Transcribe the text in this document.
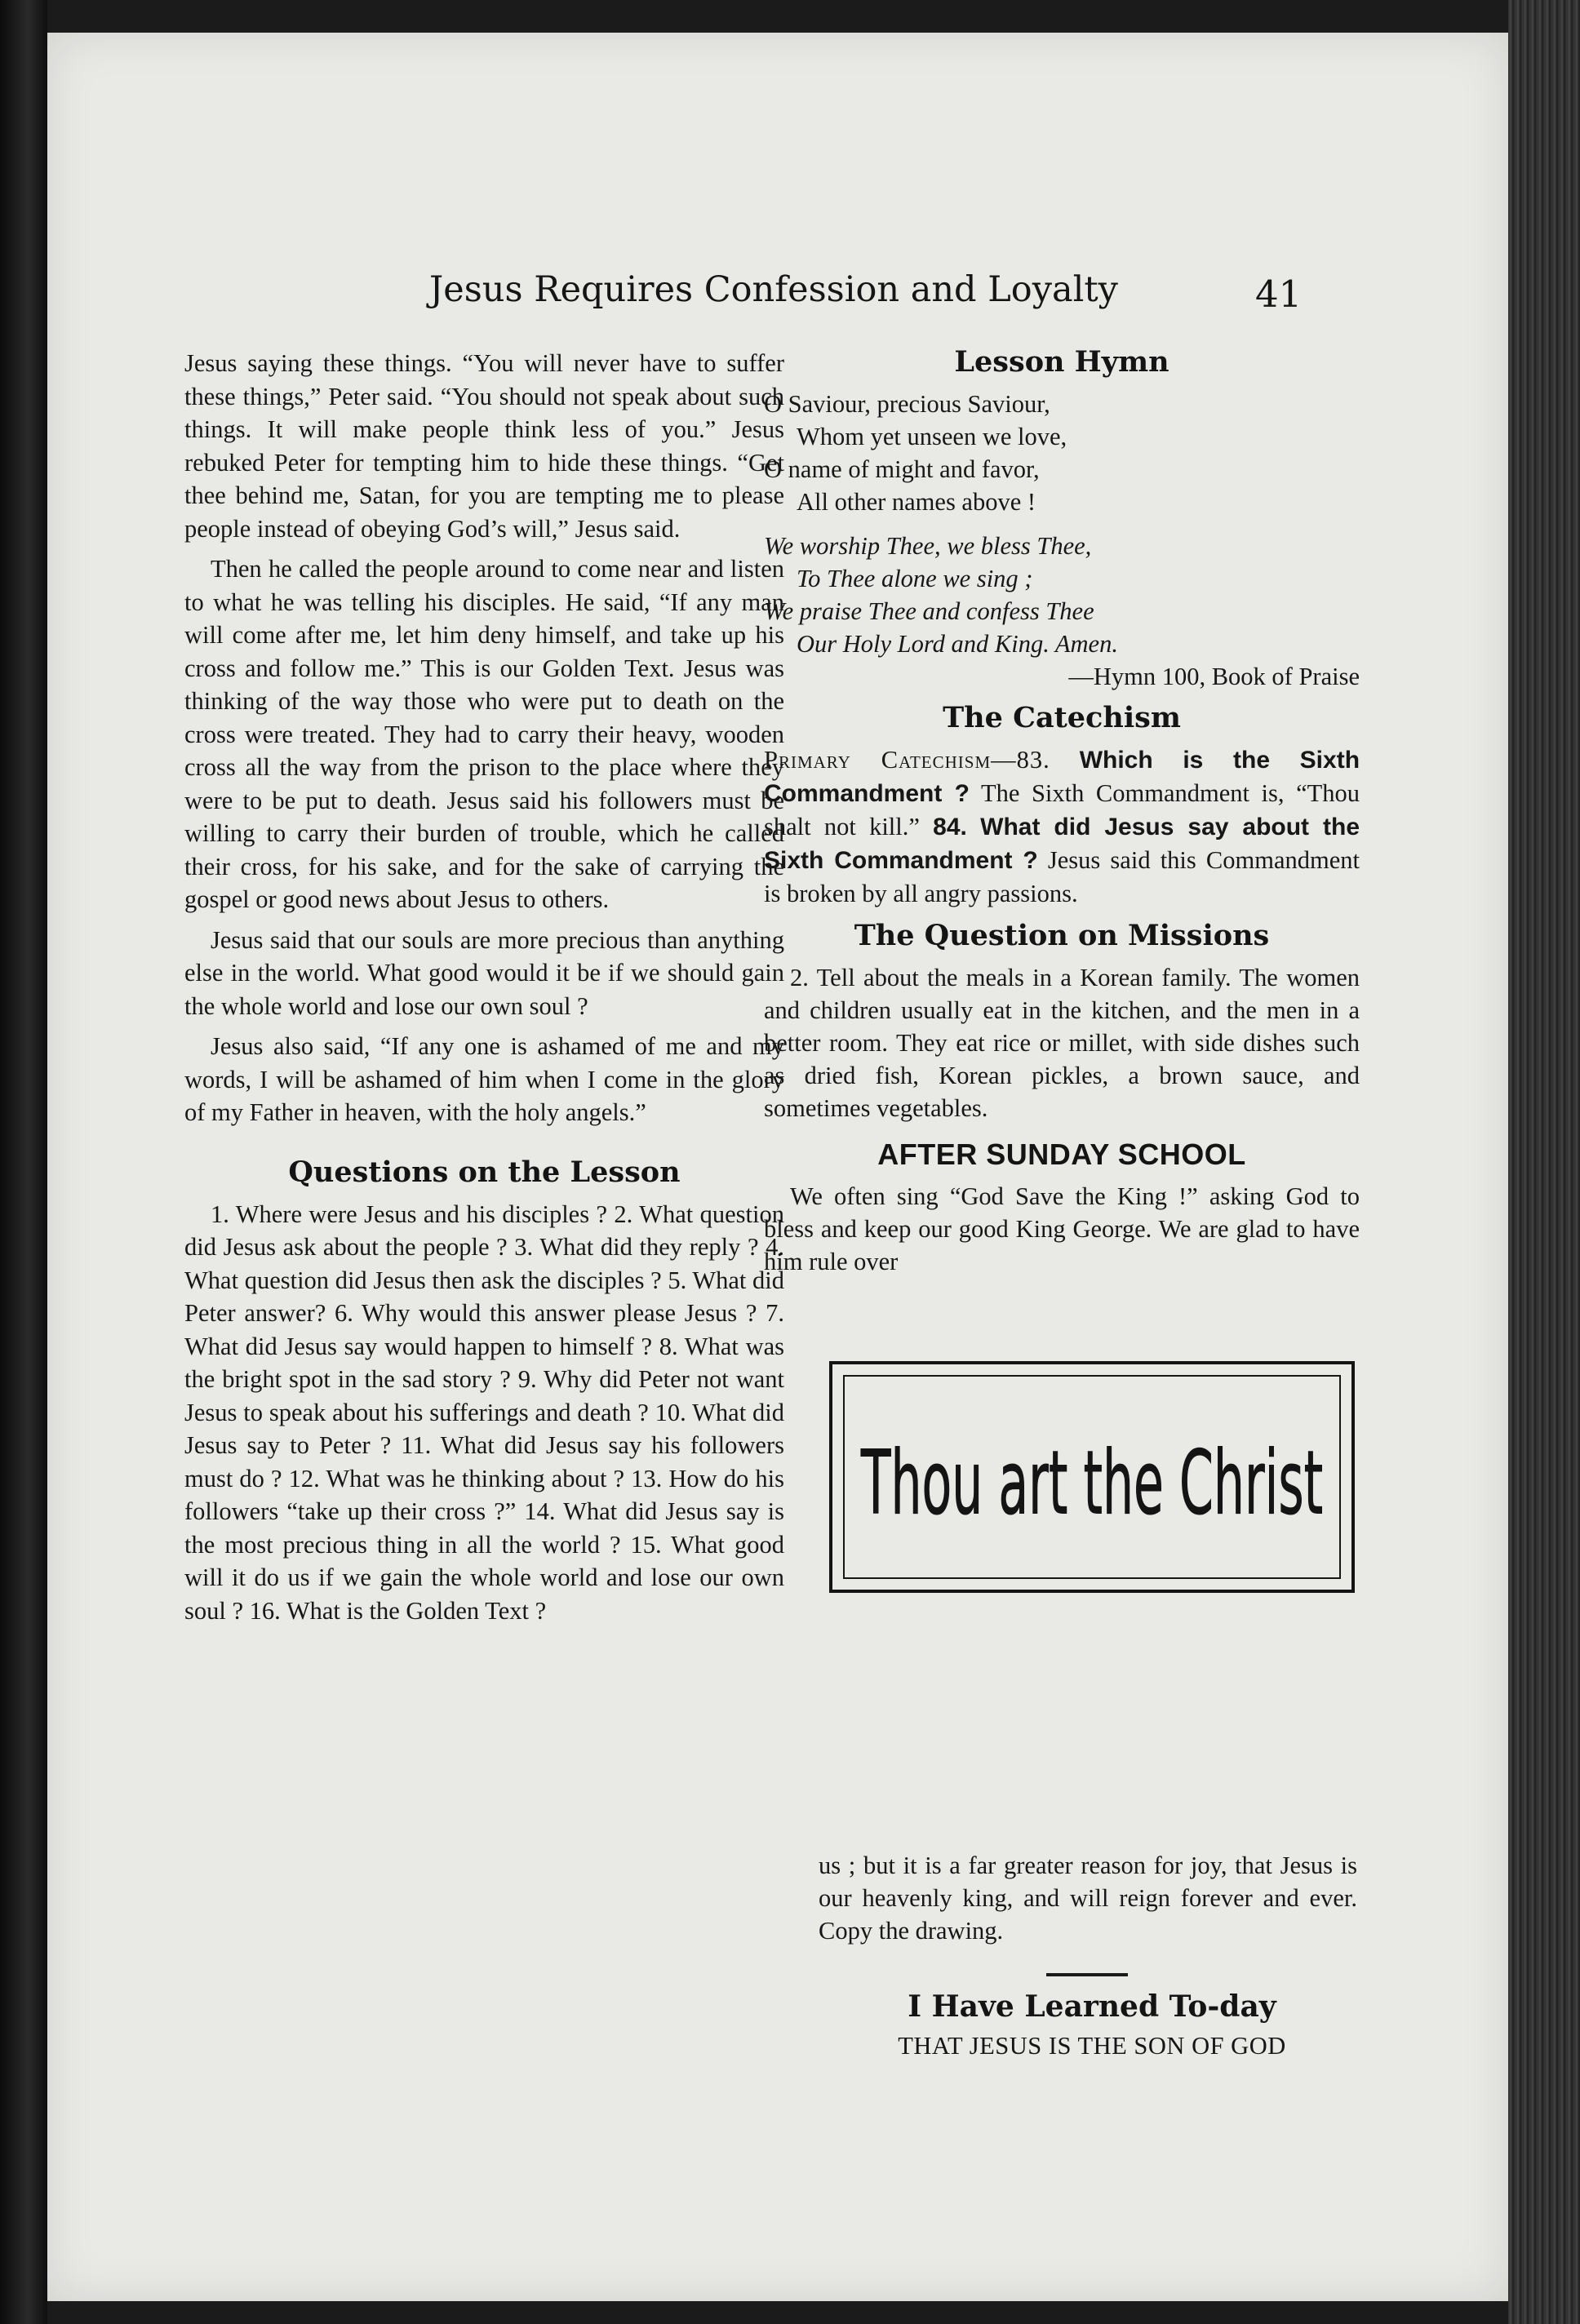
Jesus Requires Confession and Loyalty	41

Jesus saying these things. “You will never have to suffer these things,” Peter said. “You should not speak about such things. It will make people think less of you.” Jesus rebuked Peter for tempting him to hide these things. “Get thee behind me, Satan, for you are tempting me to please people instead of obeying God’s will,” Jesus said.

Then he called the people around to come near and listen to what he was telling his disciples. He said, “If any man will come after me, let him deny himself, and take up his cross and follow me.” This is our Golden Text. Jesus was thinking of the way those who were put to death on the cross were treated. They had to carry their heavy, wooden cross all the way from the prison to the place where they were to be put to death. Jesus said his followers must be willing to carry their burden of trouble, which he called their cross, for his sake, and for the sake of carrying the gospel or good news about Jesus to others.

Jesus said that our souls are more precious than anything else in the world. What good would it be if we should gain the whole world and lose our own soul ?

Jesus also said, “If any one is ashamed of me and my words, I will be ashamed of him when I come in the glory of my Father in heaven, with the holy angels.”

Questions on the Lesson

1. Where were Jesus and his disciples ? 2. What question did Jesus ask about the people ? 3. What did they reply ? 4. What question did Jesus then ask the disciples ? 5. What did Peter answer? 6. Why would this answer please Jesus ? 7. What did Jesus say would happen to himself ? 8. What was the bright spot in the sad story ? 9. Why did Peter not want Jesus to speak about his sufferings and death ? 10. What did Jesus say to Peter ? 11. What did Jesus say his followers must do ? 12. What was he thinking about ? 13. How do his followers “take up their cross ?” 14. What did Jesus say is the most precious thing in all the world ? 15. What good will it do us if we gain the whole world and lose our own soul ? 16. What is the Golden Text ?

Lesson Hymn

O Saviour, precious Saviour,

Whom yet unseen we love,

O name of might and favor,

All other names above !

We worship Thee, we bless Thee,

To Thee alone we sing ;

We praise Thee and confess Thee

Our Holy Lord and King. Amen.

—Hymn 100, Book of Praise

The Catechism

Primary Catechism—83. Which is the Sixth Commandment ? The Sixth Commandment is, “Thou shalt not kill.” 84. What did Jesus say about the Sixth Commandment ? Jesus said this Commandment is broken by all angry passions.

The Question on Missions

2. Tell about the meals in a Korean family. The women and children usually eat in the kitchen, and the men in a better room. They eat rice or millet, with side dishes such as dried fish, Korean pickles, a brown sauce, and sometimes vegetables.

AFTER SUNDAY SCHOOL

We often sing “God Save the King !” asking God to bless and keep our good King George. We are glad to have him rule over

Thou art the Christ

us ; but it is a far greater reason for joy, that Jesus is our heavenly king, and will reign forever and ever. Copy the drawing.

I Have Learned To-day
THAT JESUS IS THE SON OF GOD
